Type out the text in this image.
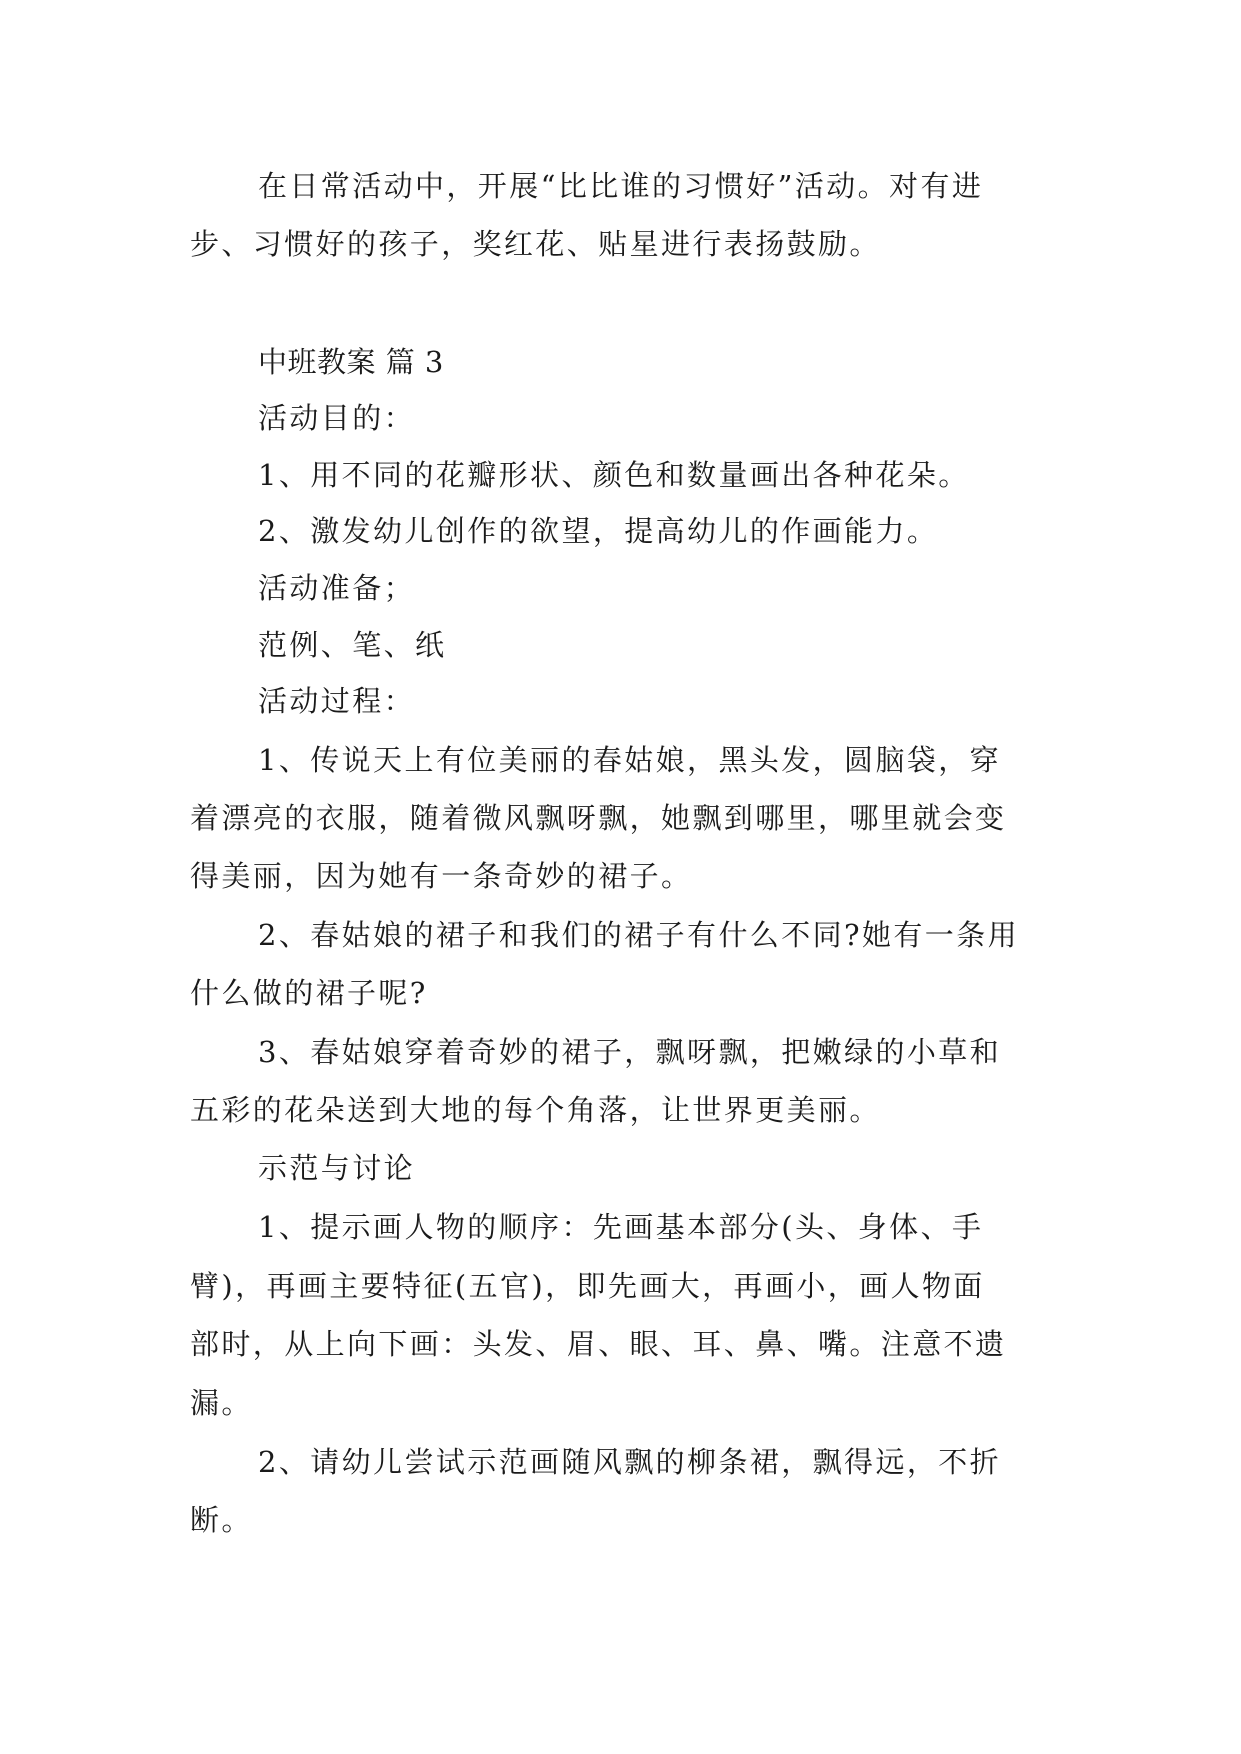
在日常活动中，开展“比比谁的习惯好”活动。对有进
步、习惯好的孩子，奖红花、贴星进行表扬鼓励。
中班教案 篇 3
活动目的：
1、用不同的花瓣形状、颜色和数量画出各种花朵。
2、激发幼儿创作的欲望，提高幼儿的作画能力。
活动准备；
范例、笔、纸
活动过程：
1、传说天上有位美丽的春姑娘，黑头发，圆脑袋，穿
着漂亮的衣服，随着微风飘呀飘，她飘到哪里，哪里就会变
得美丽，因为她有一条奇妙的裙子。
2、春姑娘的裙子和我们的裙子有什么不同?她有一条用
什么做的裙子呢?
3、春姑娘穿着奇妙的裙子，飘呀飘，把嫩绿的小草和
五彩的花朵送到大地的每个角落，让世界更美丽。
示范与讨论
1、提示画人物的顺序：先画基本部分(头、身体、手
臂)，再画主要特征(五官)，即先画大，再画小，画人物面
部时，从上向下画：头发、眉、眼、耳、鼻、嘴。注意不遗
漏。
2、请幼儿尝试示范画随风飘的柳条裙，飘得远，不折
断。
